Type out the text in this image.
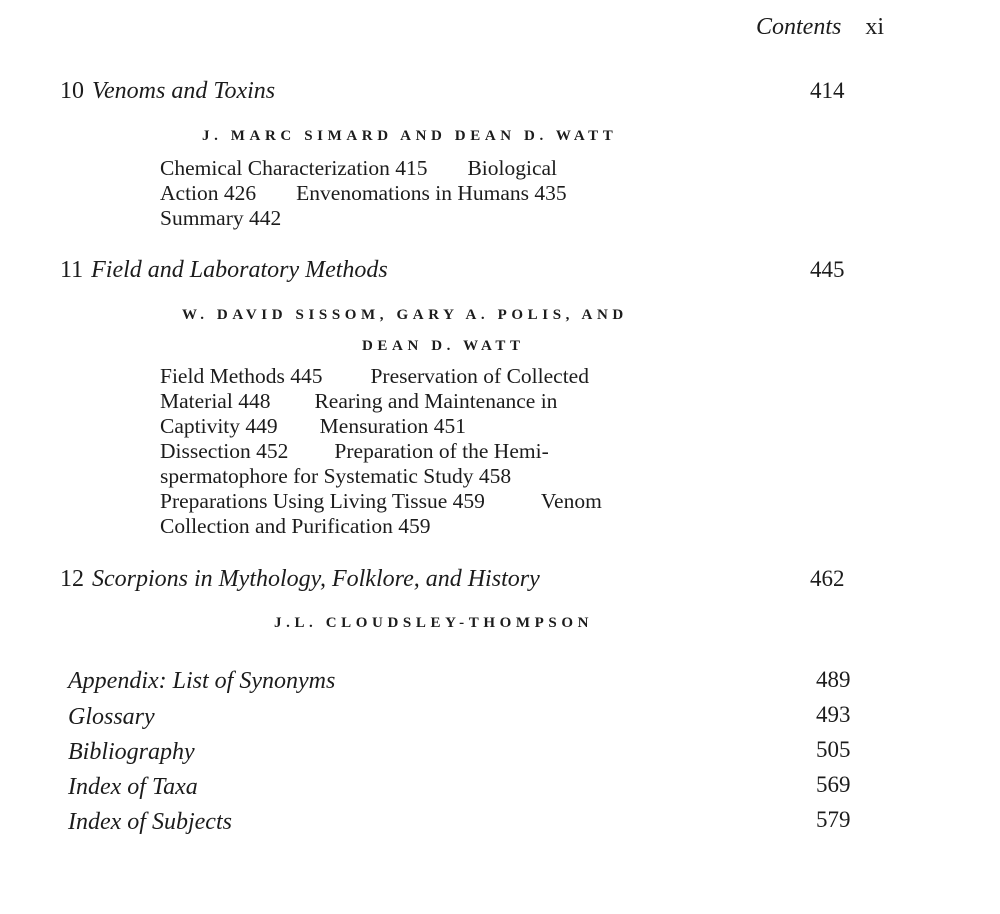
Contents xi
10 Venoms and Toxins	414
J. MARC SIMARD AND DEAN D. WATT
Chemical Characterization 415 Biological
Action 426 Envenomations in Humans 435
Summary 442
11 Field and Laboratory Methods	445
W. DAVID SISSOM, GARY A. POLIS, AND
DEAN D. WATT
Field Methods 445 Preservation of Collected
Material 448 Rearing and Maintenance in
Captivity 449 Mensuration 451
Dissection 452 Preparation of the Hemi-
spermatophore for Systematic Study 458
Preparations Using Living Tissue 459	Venom
Collection and Purification 459
12 Scorpions in Mythology, Folklore, and History	462
J.L. CLOUDSLEY-THOMPSON
Appendix: List of Synonyms	489
Glossary	493
Bibliography	505
Index of Taxa	569
Index of Subjects	579
